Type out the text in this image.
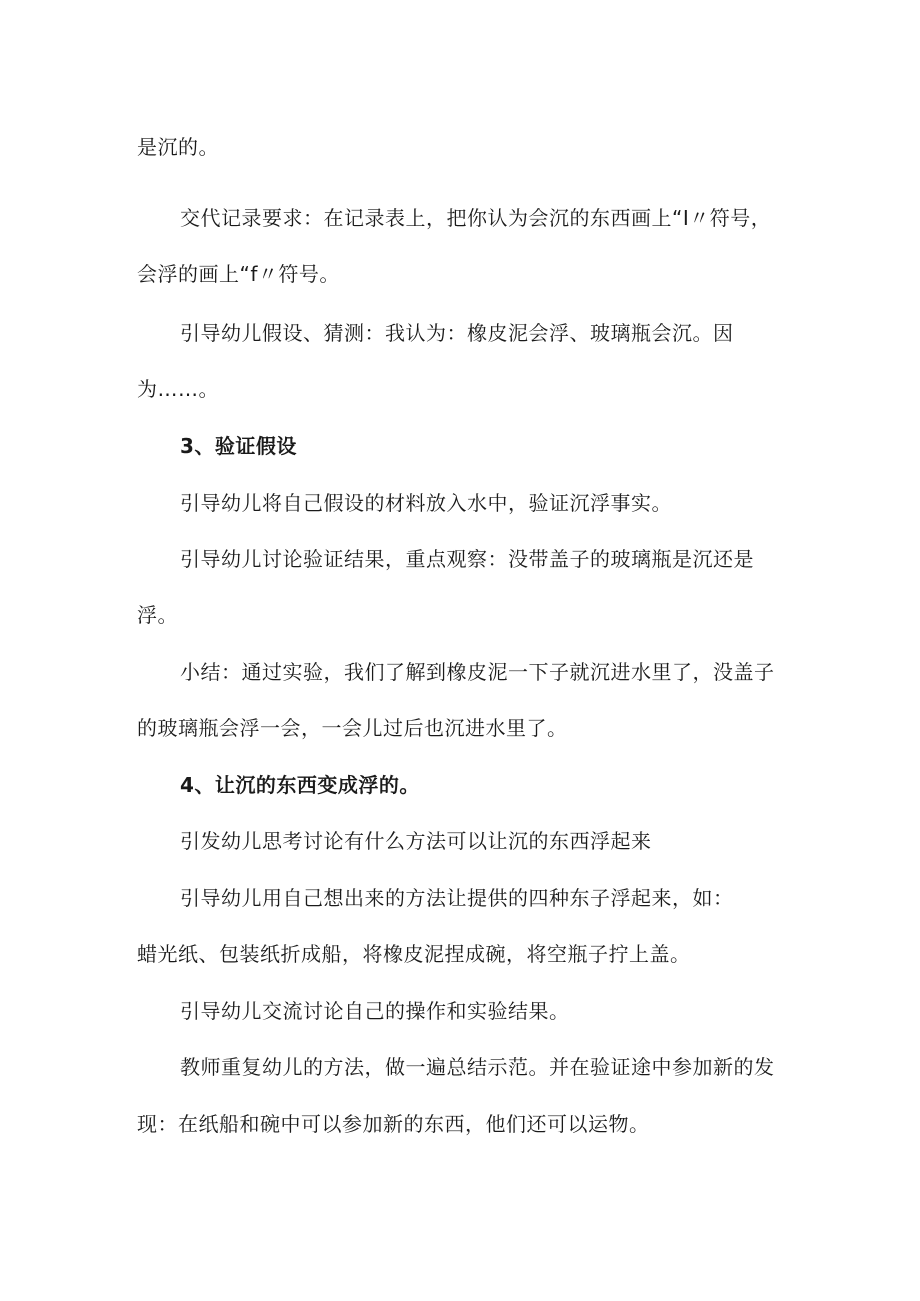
是沉的。
交代记录要求：在记录表上，把你认为会沉的东西画上“I〃符号，
会浮的画上“f〃符号。
引导幼儿假设、猜测：我认为：橡皮泥会浮、玻璃瓶会沉。因
为……。
3、验证假设
引导幼儿将自己假设的材料放入水中，验证沉浮事实。
引导幼儿讨论验证结果，重点观察：没带盖子的玻璃瓶是沉还是
浮。
小结：通过实验，我们了解到橡皮泥一下子就沉进水里了，没盖子
的玻璃瓶会浮一会，一会儿过后也沉进水里了。
4、让沉的东西变成浮的。
引发幼儿思考讨论有什么方法可以让沉的东西浮起来
引导幼儿用自己想出来的方法让提供的四种东子浮起来，如：
蜡光纸、包装纸折成船，将橡皮泥捏成碗，将空瓶子拧上盖。
引导幼儿交流讨论自己的操作和实验结果。
教师重复幼儿的方法，做一遍总结示范。并在验证途中参加新的发
现：在纸船和碗中可以参加新的东西，他们还可以运物。
